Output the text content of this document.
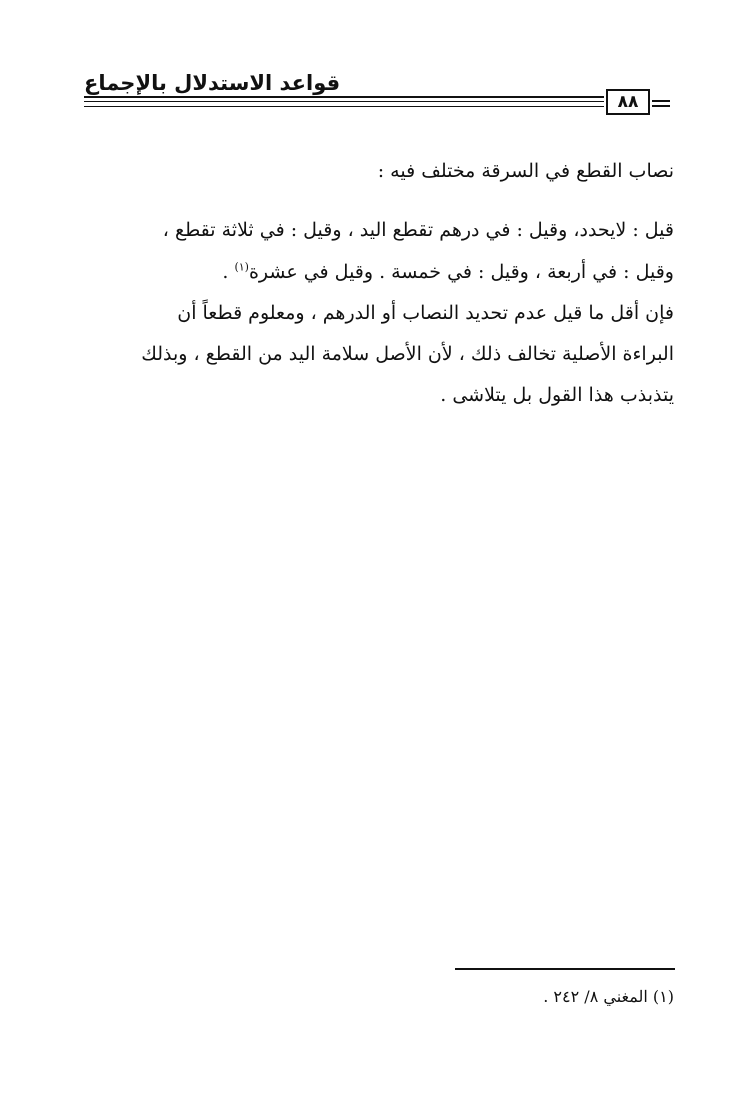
قواعد الاستدلال بالإجماع
٨٨
نصاب القطع في السرقة مختلف فيه :
قيل : لايحدد، وقيل : في درهم تقطع اليد ، وقيل : في ثلاثة تقطع ،
وقيل : في أربعة ، وقيل : في خمسة . وقيل في عشرة$^{(١)}$ .
فإن أقل ما قيل عدم تحديد النصاب أو الدرهم ، ومعلوم قطعاً أن
البراءة الأصلية تخالف ذلك ، لأن الأصل سلامة اليد من القطع ، وبذلك
يتذبذب هذا القول بل يتلاشى .
(١) المغني ٨/ ٢٤٢ .
